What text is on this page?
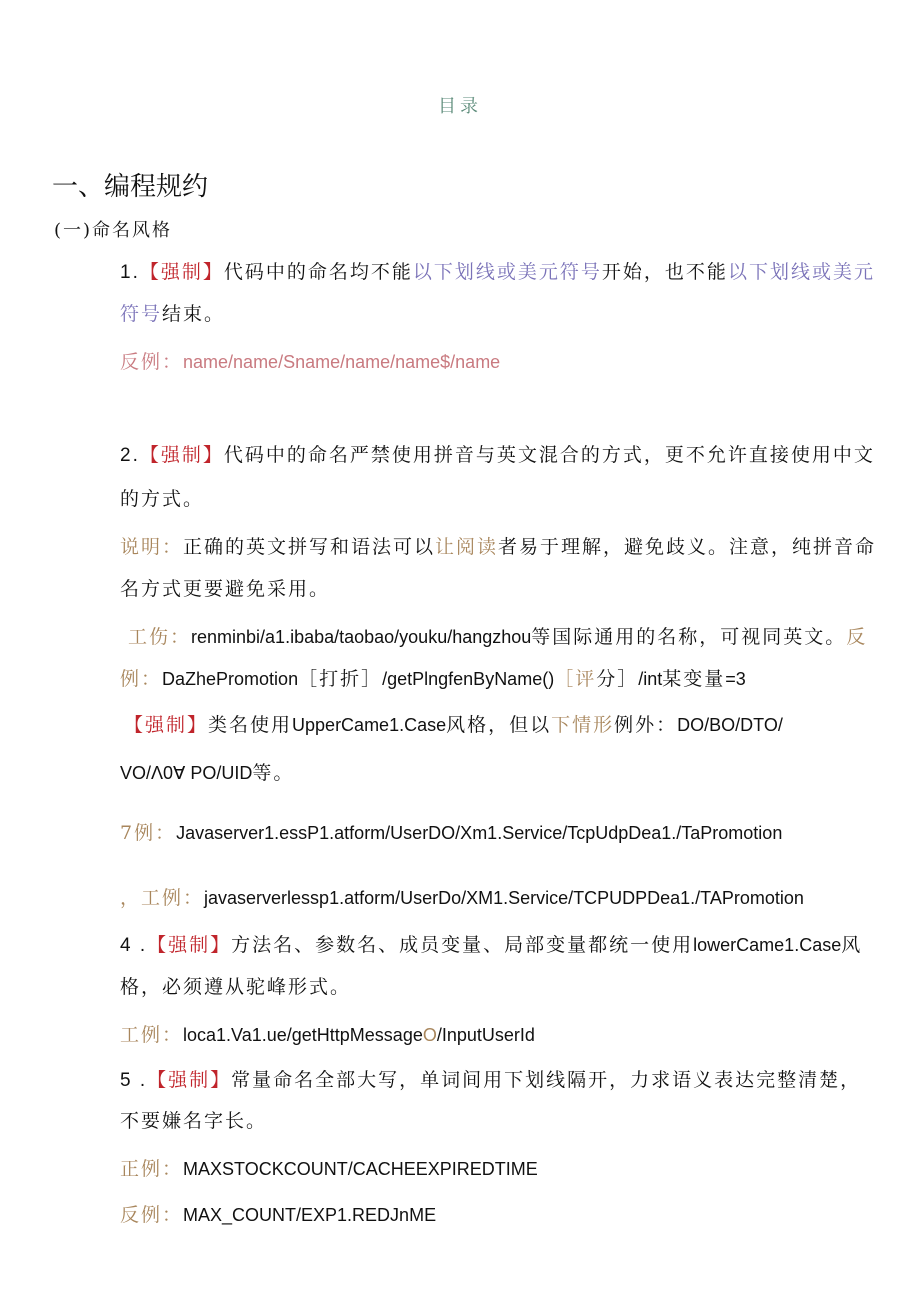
目录
一、编程规约
(一)命名风格
1.【强制】代码中的命名均不能以下划线或美元符号开始，也不能以下划线或美元
符号结束。
反例：name/name/Sname/name/name$/name
2.【强制】代码中的命名严禁使用拼音与英文混合的方式，更不允许直接使用中文
的方式。
说明：正确的英文拼写和语法可以让阅读者易于理解，避免歧义。注意，纯拼音命
名方式更要避免采用。
工伤：renminbi/a1.ibaba/taobao/youku/hangzhou等国际通用的名称，可视同英文。反
例：DaZhePromotion［打折］/getPlngfenByName()［评分］/int某变量=3
【强制】类名使用UpperCame1.Case风格，但以下情形例外：DO/BO/DTO/
VO/Λ0Ɐ PO/UID等。
7例：Javaserver1.essP1.atform/UserDO/Xm1.Service/TcpUdpDea1./TaPromotion
，工例：javaserverlessp1.atform/UserDo/XM1.Service/TCPUDPDea1./TAPromotion
4 .【强制】方法名、参数名、成员变量、局部变量都统一使用lowerCame1.Case风
格，必须遵从驼峰形式。
工例：loca1.Va1.ue/getHttpMessageO/InputUserId
5 .【强制】常量命名全部大写，单词间用下划线隔开，力求语义表达完整清楚，
不要嫌名字长。
正例：MAXSTOCKCOUNT/CACHEEXPIREDTIME
反例：MAX_COUNT/EXP1.REDJnME
